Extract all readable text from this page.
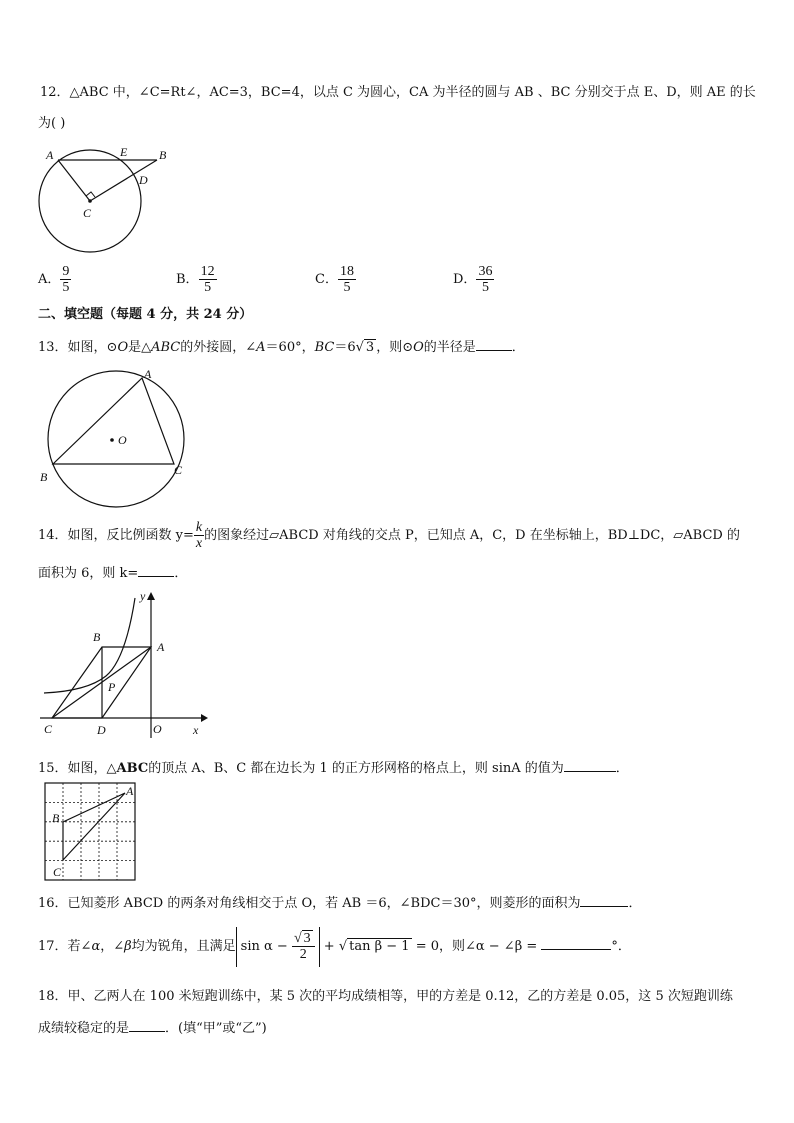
12．△ABC 中，∠C=Rt∠，AC=3，BC=4，以点 C 为圆心，CA 为半径的圆与 AB 、BC 分别交于点 E、D，则 AE 的长
为( )
A	E	B
D
C
A． $\frac{9}{5}$	B． $\frac{12}{5}$	C． $\frac{18}{5}$	D． $\frac{36}{5}$
二、填空题（每题 4 分，共 24 分）
13．如图，⊙O是△ABC的外接圆，∠A＝60°，BC＝6√ 3 ，则⊙O的半径是	．
O
A
B	C
14．如图，反比例函数 $y= \frac{k}{x}$ 的图象经过▱ABCD 对角线的交点 P，已知点 A，C，D 在坐标轴上，BD⊥DC，▱ABCD 的
面积为 6，则 k=	．
y
x
B
A
P
C	D	O
15．如图，△ABC的顶点 A、B、C 都在边长为 1 的正方形网格的格点上，则 sinA 的值为	．
A
B
C
16．已知菱形 ABCD 的两条对角线相交于点 O，若 AB ＝6，∠BDC＝30°，则菱形的面积为	．
17．若∠α，∠β均为锐角，且满足 $\sin \alpha - \frac{√ 3}{2}$ + √ tan β − 1 = 0，则∠α − ∠β =	°．
18．甲、乙两人在 100 米短跑训练中，某 5 次的平均成绩相等，甲的方差是 0.12，乙的方差是 0.05，这 5 次短跑训练
成绩较稳定的是	．(填“甲”或“乙”)
